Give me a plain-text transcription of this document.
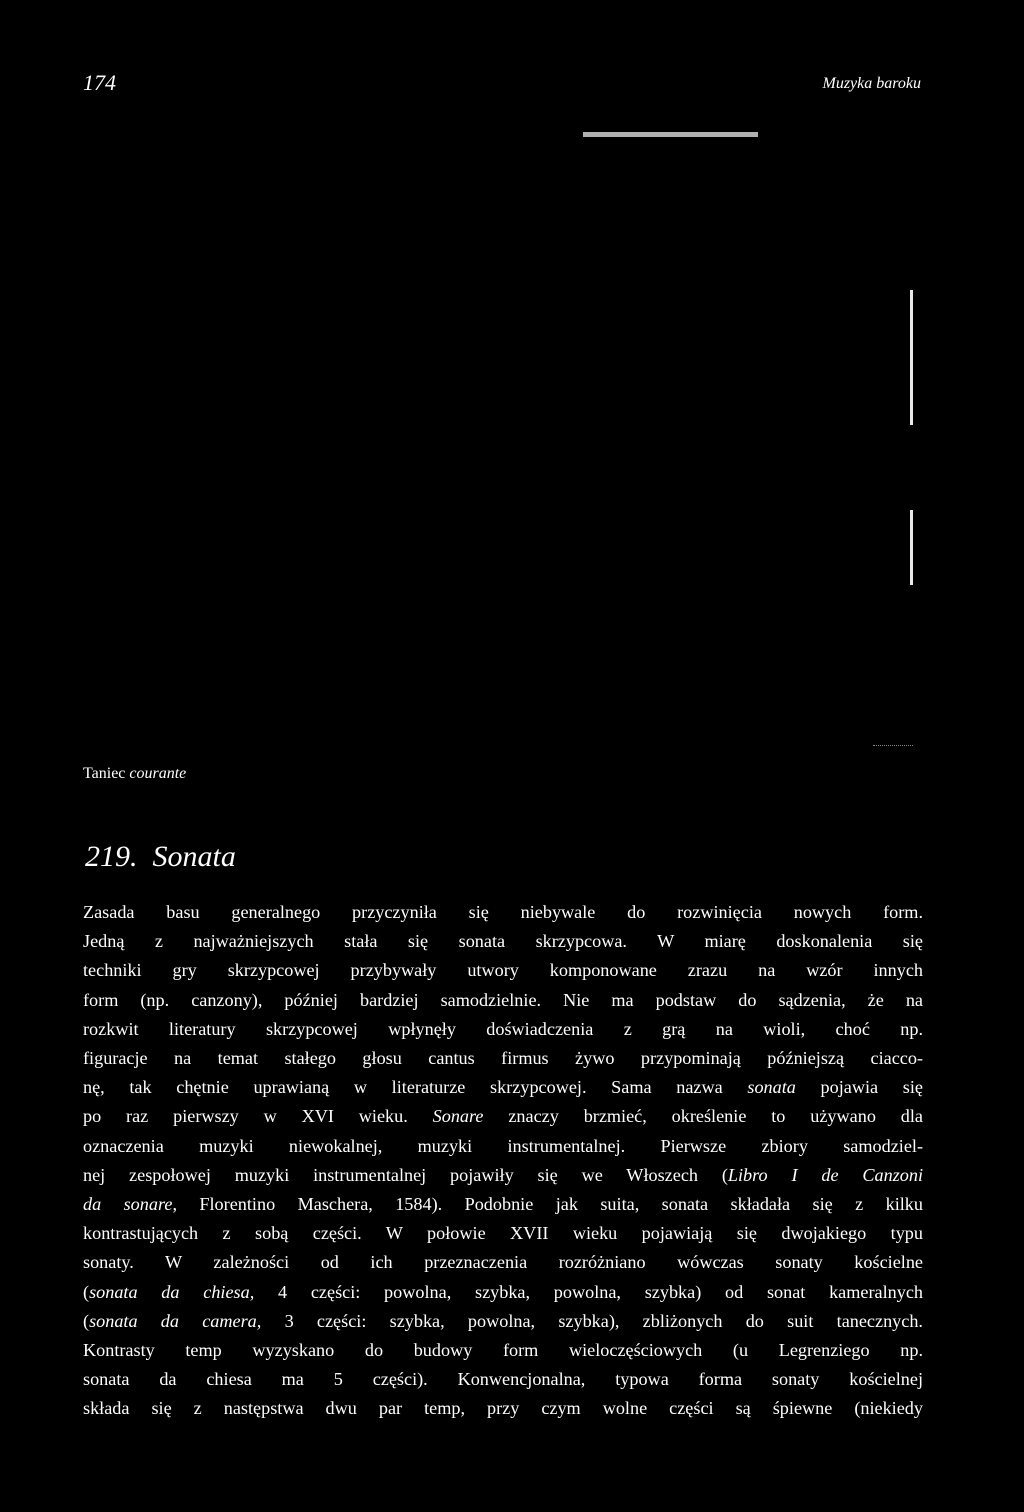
174	Muzyka baroku
Taniec courante
219. Sonata
Zasada basu generalnego przyczyniła się niebywale do rozwinięcia nowych form.
Jedną z najważniejszych stała się sonata skrzypcowa. W miarę doskonalenia się
techniki gry skrzypcowej przybywały utwory komponowane zrazu na wzór innych
form (np. canzony), później bardziej samodzielnie. Nie ma podstaw do sądzenia, że na
rozkwit literatury skrzypcowej wpłynęły doświadczenia z grą na wioli, choć np.
figuracje na temat stałego głosu cantus firmus żywo przypominają późniejszą ciacco-
nę, tak chętnie uprawianą w literaturze skrzypcowej. Sama nazwa sonata pojawia się
po raz pierwszy w XVI wieku. Sonare znaczy brzmieć, określenie to używano dla
oznaczenia muzyki niewokalnej, muzyki instrumentalnej. Pierwsze zbiory samodziel-
nej zespołowej muzyki instrumentalnej pojawiły się we Włoszech (Libro I de Canzoni
da sonare, Florentino Maschera, 1584). Podobnie jak suita, sonata składała się z kilku
kontrastujących z sobą części. W połowie XVII wieku pojawiają się dwojakiego typu
sonaty. W zależności od ich przeznaczenia rozróżniano wówczas sonaty kościelne
(sonata da chiesa, 4 części: powolna, szybka, powolna, szybka) od sonat kameralnych
(sonata da camera, 3 części: szybka, powolna, szybka), zbliżonych do suit tanecznych.
Kontrasty temp wyzyskano do budowy form wieloczęściowych (u Legrenziego np.
sonata da chiesa ma 5 części). Konwencjonalna, typowa forma sonaty kościelnej
składa się z następstwa dwu par temp, przy czym wolne części są śpiewne (niekiedy
